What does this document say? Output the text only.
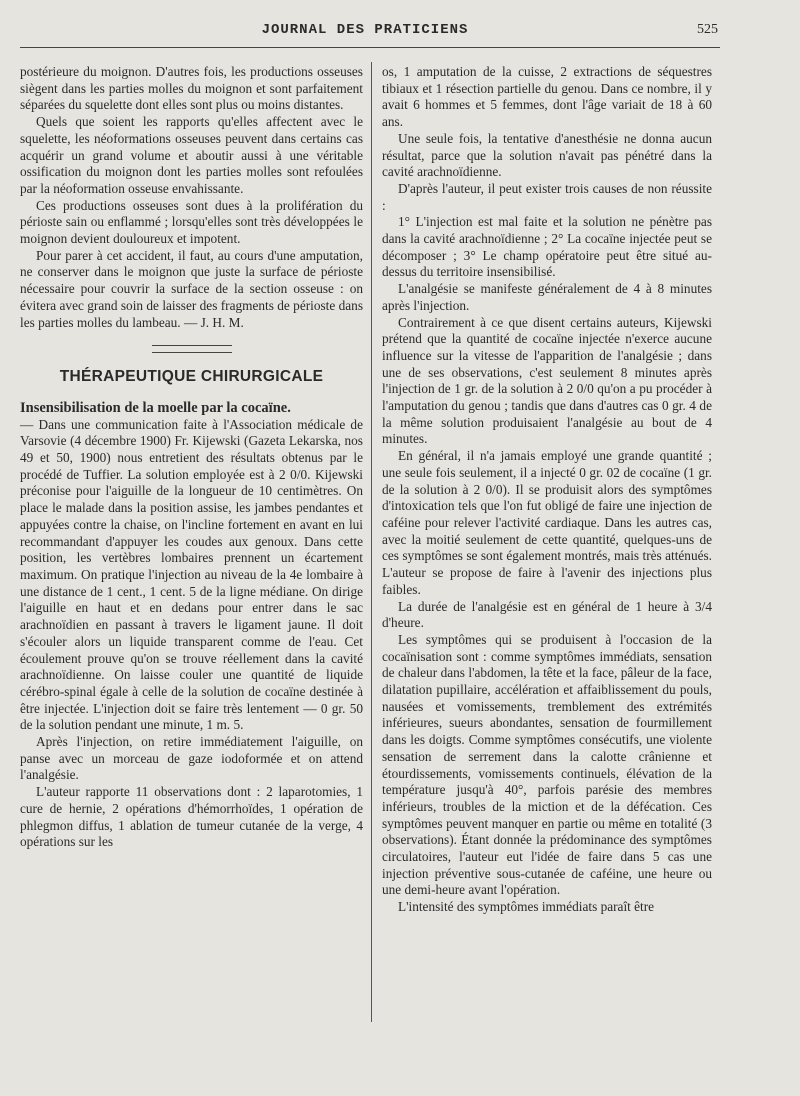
JOURNAL DES PRATICIENS	525

postérieure du moignon. D'autres fois, les productions osseuses siègent dans les parties molles du moignon et sont parfaitement séparées du squelette dont elles sont plus ou moins distantes.

Quels que soient les rapports qu'elles affectent avec le squelette, les néoformations osseuses peuvent dans certains cas acquérir un grand volume et aboutir aussi à une véritable ossification du moignon dont les parties molles sont refoulées par la néoformation osseuse envahissante.

Ces productions osseuses sont dues à la prolifération du périoste sain ou enflammé ; lorsqu'elles sont très développées le moignon devient douloureux et impotent.

Pour parer à cet accident, il faut, au cours d'une amputation, ne conserver dans le moignon que juste la surface de périoste nécessaire pour couvrir la surface de la section osseuse : on évitera avec grand soin de laisser des fragments de périoste dans les parties molles du lambeau. — J. H. M.

THÉRAPEUTIQUE CHIRURGICALE
Insensibilisation de la moelle par la cocaïne.

— Dans une communication faite à l'Association médicale de Varsovie (4 décembre 1900) Fr. Kijewski (Gazeta Lekarska, nos 49 et 50, 1900) nous entretient des résultats obtenus par le procédé de Tuffier. La solution employée est à 2 0/0. Kijewski préconise pour l'aiguille de la longueur de 10 centimètres. On place le malade dans la position assise, les jambes pendantes et appuyées contre la chaise, on l'incline fortement en avant en lui recommandant d'appuyer les coudes aux genoux. Dans cette position, les vertèbres lombaires prennent un écartement maximum. On pratique l'injection au niveau de la 4e lombaire à une distance de 1 cent., 1 cent. 5 de la ligne médiane. On dirige l'aiguille en haut et en dedans pour entrer dans le sac arachnoïdien en passant à travers le ligament jaune. Il doit s'écouler alors un liquide transparent comme de l'eau. Cet écoulement prouve qu'on se trouve réellement dans la cavité arachnoïdienne. On laisse couler une quantité de liquide cérébro-spinal égale à celle de la solution de cocaïne destinée à être injectée. L'injection doit se faire très lentement — 0 gr. 50 de la solution pendant une minute, 1 m. 5.

Après l'injection, on retire immédiatement l'aiguille, on panse avec un morceau de gaze iodoformée et on attend l'analgésie.

L'auteur rapporte 11 observations dont : 2 laparotomies, 1 cure de hernie, 2 opérations d'hémorrhoïdes, 1 opération de phlegmon diffus, 1 ablation de tumeur cutanée de la verge, 4 opérations sur les

os, 1 amputation de la cuisse, 2 extractions de séquestres tibiaux et 1 résection partielle du genou. Dans ce nombre, il y avait 6 hommes et 5 femmes, dont l'âge variait de 18 à 60 ans.

Une seule fois, la tentative d'anesthésie ne donna aucun résultat, parce que la solution n'avait pas pénétré dans la cavité arachnoïdienne.

D'après l'auteur, il peut exister trois causes de non réussite :

1° L'injection est mal faite et la solution ne pénètre pas dans la cavité arachnoïdienne ; 2° La cocaïne injectée peut se décomposer ; 3° Le champ opératoire peut être situé au-dessus du territoire insensibilisé.

L'analgésie se manifeste généralement de 4 à 8 minutes après l'injection.

Contrairement à ce que disent certains auteurs, Kijewski prétend que la quantité de cocaïne injectée n'exerce aucune influence sur la vitesse de l'apparition de l'analgésie ; dans une de ses observations, c'est seulement 8 minutes après l'injection de 1 gr. de la solution à 2 0/0 qu'on a pu procéder à l'amputation du genou ; tandis que dans d'autres cas 0 gr. 4 de la même solution produisaient l'analgésie au bout de 4 minutes.

En général, il n'a jamais employé une grande quantité ; une seule fois seulement, il a injecté 0 gr. 02 de cocaïne (1 gr. de la solution à 2 0/0). Il se produisit alors des symptômes d'intoxication tels que l'on fut obligé de faire une injection de caféine pour relever l'activité cardiaque. Dans les autres cas, avec la moitié seulement de cette quantité, quelques-uns de ces symptômes se sont également montrés, mais très atténués. L'auteur se propose de faire à l'avenir des injections plus faibles.

La durée de l'analgésie est en général de 1 heure à 3/4 d'heure.

Les symptômes qui se produisent à l'occasion de la cocaïnisation sont : comme symptômes immédiats, sensation de chaleur dans l'abdomen, la tête et la face, pâleur de la face, dilatation pupillaire, accélération et affaiblissement du pouls, nausées et vomissements, tremblement des extrémités inférieures, sueurs abondantes, sensation de fourmillement dans les doigts. Comme symptômes consécutifs, une violente sensation de serrement dans la calotte crânienne et étourdissements, vomissements continuels, élévation de la température jusqu'à 40°, parfois parésie des membres inférieurs, troubles de la miction et de la défécation. Ces symptômes peuvent manquer en partie ou même en totalité (3 observations). Étant donnée la prédominance des symptômes circulatoires, l'auteur eut l'idée de faire dans 5 cas une injection préventive sous-cutanée de caféine, une heure ou une demi-heure avant l'opération.

L'intensité des symptômes immédiats paraît être
